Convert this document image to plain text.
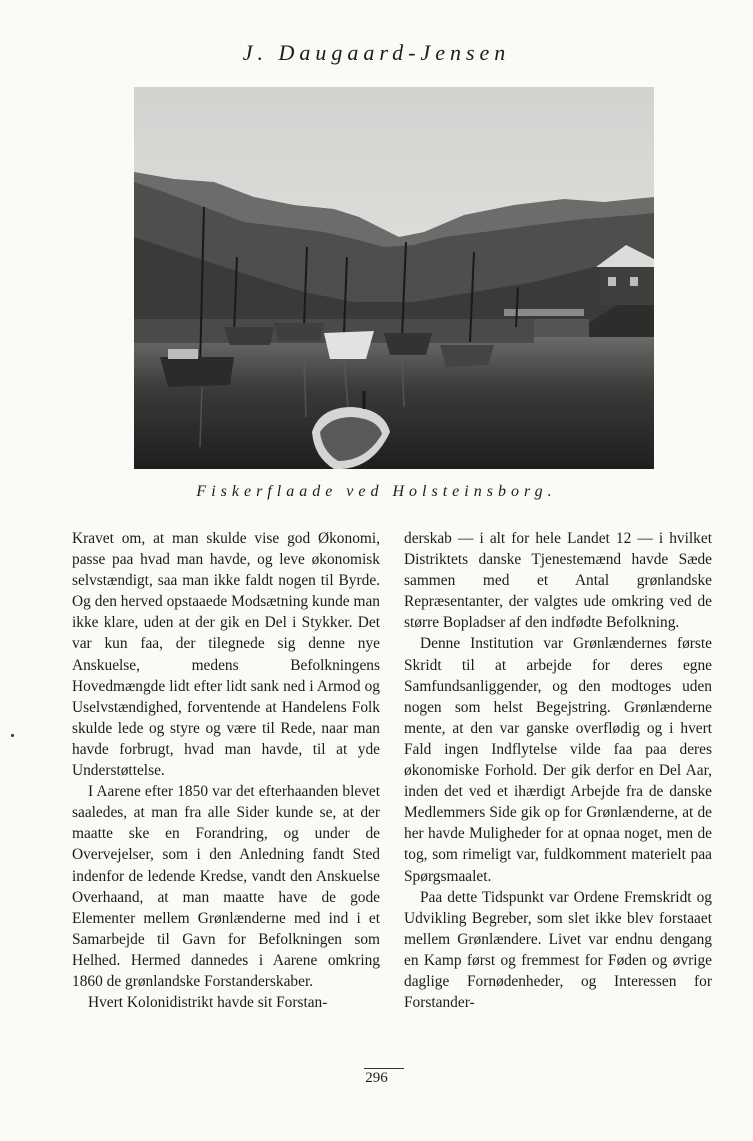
J. Daugaard-Jensen
Fiskerflaade ved Holsteinsborg.

Kravet om, at man skulde vise god Økonomi, passe paa hvad man havde, og leve økonomisk selvstændigt, saa man ikke faldt nogen til Byrde. Og den herved opstaaede Modsætning kunde man ikke klare, uden at der gik en Del i Stykker. Det var kun faa, der tilegnede sig denne nye Anskuelse, medens Befolkningens Hovedmængde lidt efter lidt sank ned i Armod og Uselvstændighed, forventende at Handelens Folk skulde lede og styre og være til Rede, naar man havde forbrugt, hvad man havde, til at yde Understøttelse.

I Aarene efter 1850 var det efterhaanden blevet saaledes, at man fra alle Sider kunde se, at der maatte ske en Forandring, og under de Overvejelser, som i den Anledning fandt Sted indenfor de ledende Kredse, vandt den Anskuelse Overhaand, at man maatte have de gode Elementer mellem Grønlænderne med ind i et Samarbejde til Gavn for Befolkningen som Helhed. Hermed dannedes i Aarene omkring 1860 de grønlandske Forstanderskaber.

Hvert Kolonidistrikt havde sit Forstan-

derskab — i alt for hele Landet 12 — i hvilket Distriktets danske Tjenestemænd havde Sæde sammen med et Antal grønlandske Repræsentanter, der valgtes ude omkring ved de større Bopladser af den indfødte Befolkning.

Denne Institution var Grønlændernes første Skridt til at arbejde for deres egne Samfundsanliggender, og den modtoges uden nogen som helst Begejstring. Grønlænderne mente, at den var ganske overflødig og i hvert Fald ingen Indflytelse vilde faa paa deres økonomiske Forhold. Der gik derfor en Del Aar, inden det ved et ihærdigt Arbejde fra de danske Medlemmers Side gik op for Grønlænderne, at de her havde Muligheder for at opnaa noget, men de tog, som rimeligt var, fuldkomment materielt paa Spørgsmaalet.

Paa dette Tidspunkt var Ordene Fremskridt og Udvikling Begreber, som slet ikke blev forstaaet mellem Grønlændere. Livet var endnu dengang en Kamp først og fremmest for Føden og øvrige daglige Fornødenheder, og Interessen for Forstander-

296
